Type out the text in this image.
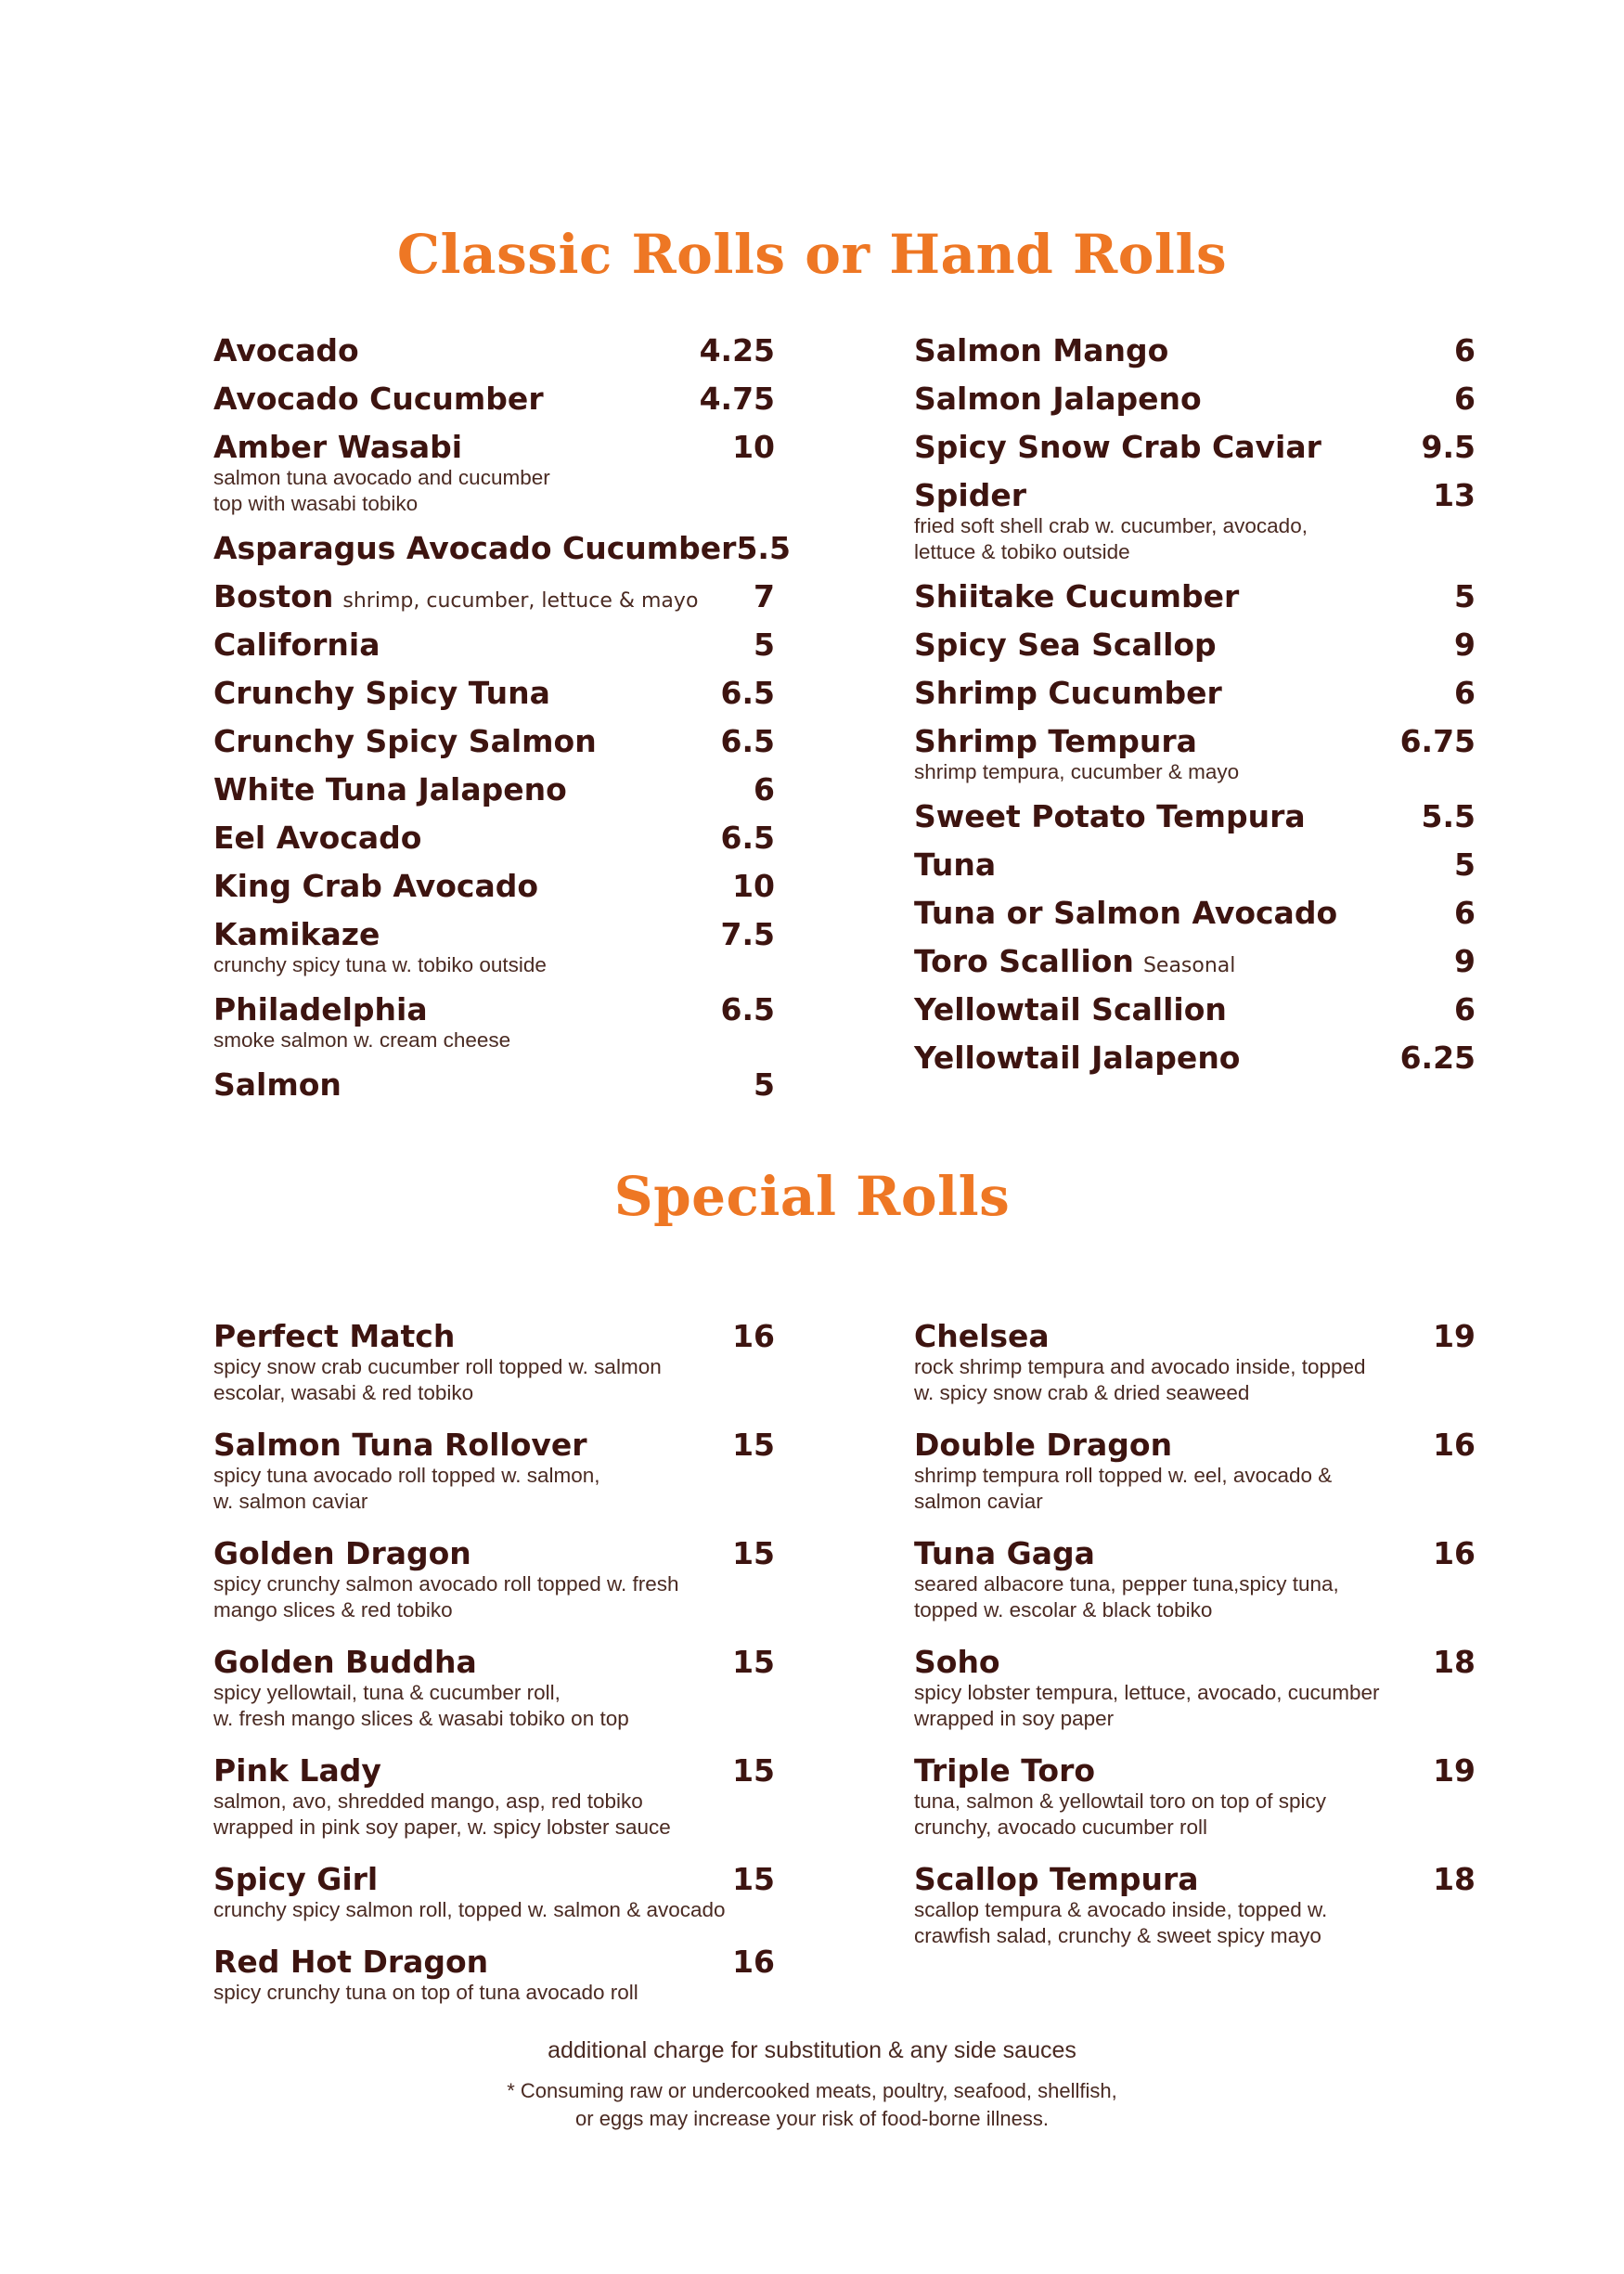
Classic Rolls or Hand Rolls
Avocado	4.25
Avocado Cucumber	4.75
Amber Wasabi	10
salmon tuna avocado and cucumber
top with wasabi tobiko
Asparagus Avocado Cucumber 5.5
Boston shrimp, cucumber, lettuce & mayo 7
California	5
Crunchy Spicy Tuna	6.5
Crunchy Spicy Salmon	6.5
White Tuna Jalapeno	6
Eel Avocado	6.5
King Crab Avocado	10
Kamikaze	7.5
crunchy spicy tuna w. tobiko outside
Philadelphia	6.5
smoke salmon w. cream cheese
Salmon	5
Salmon Mango	6
Salmon Jalapeno	6
Spicy Snow Crab Caviar	9.5
Spider	13
fried soft shell crab w. cucumber, avocado,
lettuce & tobiko outside
Shiitake Cucumber	5
Spicy Sea Scallop	9
Shrimp Cucumber	6
Shrimp Tempura	6.75
shrimp tempura, cucumber & mayo
Sweet Potato Tempura	5.5
Tuna	5
Tuna or Salmon Avocado	6
Toro Scallion Seasonal	9
Yellowtail Scallion	6
Yellowtail Jalapeno	6.25
Special Rolls
Perfect Match	16
spicy snow crab cucumber roll topped w. salmon
escolar, wasabi & red tobiko
Salmon Tuna Rollover	15
spicy tuna avocado roll topped w. salmon,
w. salmon caviar
Golden Dragon	15
spicy crunchy salmon avocado roll topped w. fresh
mango slices & red tobiko
Golden Buddha	15
spicy yellowtail, tuna & cucumber roll,
w. fresh mango slices & wasabi tobiko on top
Pink Lady	15
salmon, avo, shredded mango, asp, red tobiko
wrapped in pink soy paper, w. spicy lobster sauce
Spicy Girl	15
crunchy spicy salmon roll, topped w. salmon & avocado
Red Hot Dragon	16
spicy crunchy tuna on top of tuna avocado roll
Chelsea	19
rock shrimp tempura and avocado inside, topped
w. spicy snow crab & dried seaweed
Double Dragon	16
shrimp tempura roll topped w. eel, avocado &
salmon caviar
Tuna Gaga	16
seared albacore tuna, pepper tuna,spicy tuna,
topped w. escolar & black tobiko
Soho	18
spicy lobster tempura, lettuce, avocado, cucumber
wrapped in soy paper
Triple Toro	19
tuna, salmon & yellowtail toro on top of spicy
crunchy, avocado cucumber roll
Scallop Tempura	18
scallop tempura & avocado inside, topped w.
crawfish salad, crunchy & sweet spicy mayo
additional charge for substitution & any side sauces
* Consuming raw or undercooked meats, poultry, seafood, shellfish,
or eggs may increase your risk of food-borne illness.
